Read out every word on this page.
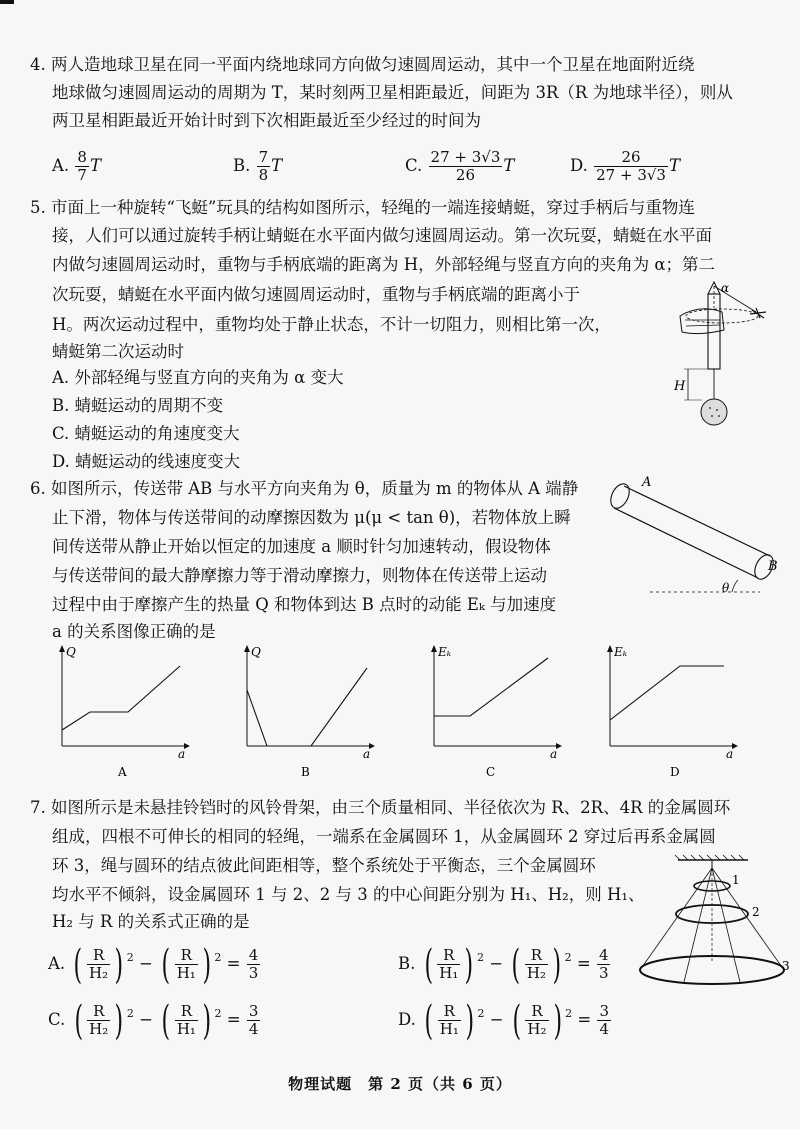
4. 两人造地球卫星在同一平面内绕地球同方向做匀速圆周运动，其中一个卫星在地面附近绕
地球做匀速圆周运动的周期为 T，某时刻两卫星相距最近，间距为 3R（R 为地球半径），则从
两卫星相距最近开始计时到下次相距最近至少经过的时间为
A. $\frac{8}{7}$ T	B. $\frac{7}{8}$ T	C. $\frac{27 + 3√3}{26}$ T	D. $\frac{26}{27 + 3√3}$ T
5. 市面上一种旋转“飞蜓”玩具的结构如图所示，轻绳的一端连接蜻蜓，穿过手柄后与重物连
接，人们可以通过旋转手柄让蜻蜓在水平面内做匀速圆周运动。第一次玩耍，蜻蜓在水平面
内做匀速圆周运动时，重物与手柄底端的距离为 H，外部轻绳与竖直方向的夹角为 α；第二
次玩耍，蜻蜓在水平面内做匀速圆周运动时，重物与手柄底端的距离小于
H。两次运动过程中，重物均处于静止状态，不计一切阻力，则相比第一次，
蜻蜓第二次运动时
A. 外部轻绳与竖直方向的夹角为 α 变大
B. 蜻蜓运动的周期不变
C. 蜻蜓运动的角速度变大
D. 蜻蜓运动的线速度变大
α
H
6. 如图所示，传送带 AB 与水平方向夹角为 θ，质量为 m 的物体从 A 端静
止下滑，物体与传送带间的动摩擦因数为 μ(μ < tan θ)，若物体放上瞬
间传送带从静止开始以恒定的加速度 a 顺时针匀加速转动，假设物体
与传送带间的最大静摩擦力等于滑动摩擦力，则物体在传送带上运动
过程中由于摩擦产生的热量 Q 和物体到达 B 点时的动能 Eₖ 与加速度
a 的关系图像正确的是
A
B
θ
Q
a
A
Q
a
B
Eₖ
a
C
Eₖ
a
D
7. 如图所示是未悬挂铃铛时的风铃骨架，由三个质量相同、半径依次为 R、2R、4R 的金属圆环
组成，四根不可伸长的相同的轻绳，一端系在金属圆环 1，从金属圆环 2 穿过后再系金属圆
环 3，绳与圆环的结点彼此间距相等，整个系统处于平衡态，三个金属圆环
均水平不倾斜，设金属圆环 1 与 2、2 与 3 的中心间距分别为 H₁、H₂，则 H₁、
H₂ 与 R 的关系式正确的是
1
2
3
A. ( $\frac{R}{\text{H₂}}$ ) $^2$ − ( $\frac{R}{\text{H₁}}$ ) $^2 = \frac{4}{3}$	B. ( $\frac{R}{\text{H₁}}$ ) $^2$ − ( $\frac{R}{\text{H₂}}$ ) $^2 = \frac{4}{3}$
C. ( $\frac{R}{\text{H₂}}$ ) $^2$ − ( $\frac{R}{\text{H₁}}$ ) $^2 = \frac{3}{4}$	D. ( $\frac{R}{\text{H₁}}$ ) $^2$ − ( $\frac{R}{\text{H₂}}$ ) $^2 = \frac{3}{4}$
物理试题　第 2 页（共 6 页）
